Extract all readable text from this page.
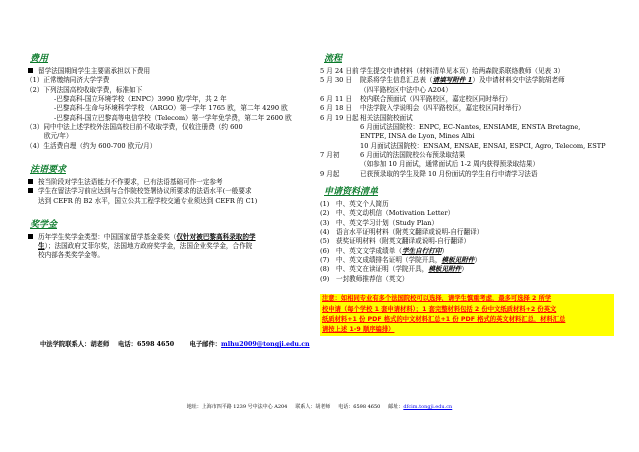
费用
留学法国期间学生主要需承担以下费用
（1）正常缴纳同济大学学费
（2）下列法国高校收取学费，标准如下
-巴黎高科-国立环境学校（ENPC）3990 欧/学年，共 2 年
-巴黎高科-生命与环境科学学校 （ARGO）第一学年 1765 欧，第二年 4290 欧
-巴黎高科-国立巴黎高等电信学校（Telecom）第一学年免学费，第二年 2600 欧
（3）同中中法上述学校外法国高校目前不收取学费，仅收注册费（约 600
欧元/年）
（4）生活费自理（约为 600-700 欧元/月）
法语要求
按当阶段对学生法语能力不作要求，已有法语基础可作一定参考
学生在留法学习前应达到与合作院校签署协议所要求的法语水平(一般要求
达到 CEFR 的 B2 水平，国立公共工程学校交通专业须达到 CEFR 的 C1)
奖学金
历年学生奖学金类型：中国国家留学基金委奖（仅针对被巴黎高科录取的学
生）；法国政府艾菲尔奖，法国地方政府奖学金，法国企业奖学金，合作院
校内部各类奖学金等。
中法学院联系人：胡老师 电话：6598 4650 电子邮件：mlhu2009@tongji.edu.cn
流程
5 月 24 日前 学生提交申请材料（材料清单见本页）给两森院系联络教师（见表 3）
5 月 30 日	院系将学生信息汇总表（请填写附件 1）及申请材料交中法学院胡老师
（四平路校区中法中心 A204）
6 月 11 日	校内联合预面试（四平路校区，嘉定校区同时举行）
6 月 18 日	中法学院入学说明会（四平路校区，嘉定校区同时举行）
6 月 19 日起 相关法国院校面试
6 月面试法国院校：ENPC, EC-Nantes, ENSIAME, ENSTA Bretagne,
ENTPE, INSA de Lyon, Mines Albi
10 月面试法国院校：ENSAM, ENSAE, ENSAI, ESPCI, Agro, Telecom, ESTP
7 月初	6 月面试的法国院校公布预录取结果
（如参加 10 月面试，通常面试后 1-2 周内获得预录取结果）
9 月起	已获预录取的学生及降 10 月份面试的学生自行申请学习法语
申请资料清单
(1) 中、英文个人简历
(2) 中、英文动机信（Motivation Letter）
(3) 中、英文学习计划（Study Plan）
(4) 语言水平证明材料（附英文翻译或说明-自行翻译）
(5) 获奖证明材料（附英文翻译或说明-自行翻译）
(6) 中、英文文学成绩单（学生自行打印）
(7) 中、英文成绩排名证明（学院开具，模板见附件）
(8) 中、英文在读证明（学院开具，模板见附件）
(9) 一封教师推荐信（英文）
注意：如相同专业有多个法国院校可以选择，请学生慎重考虑，最多可选择 2 所学
校申请（每个学校 1 套申请材料）；1 套完整材料包括 2 份中文纸质材料+2 份英文
纸质材料+1 份 PDF 格式的中文材料汇总+1 份 PDF 格式的英文材料汇总，材料汇总
请按上述 1-9 顺序编排）
地址：上海市四平路 1239 号中法中心 A204 联系人：胡老师 电话：6598 4650 邮址：dfcim.tongji.edu.cn
